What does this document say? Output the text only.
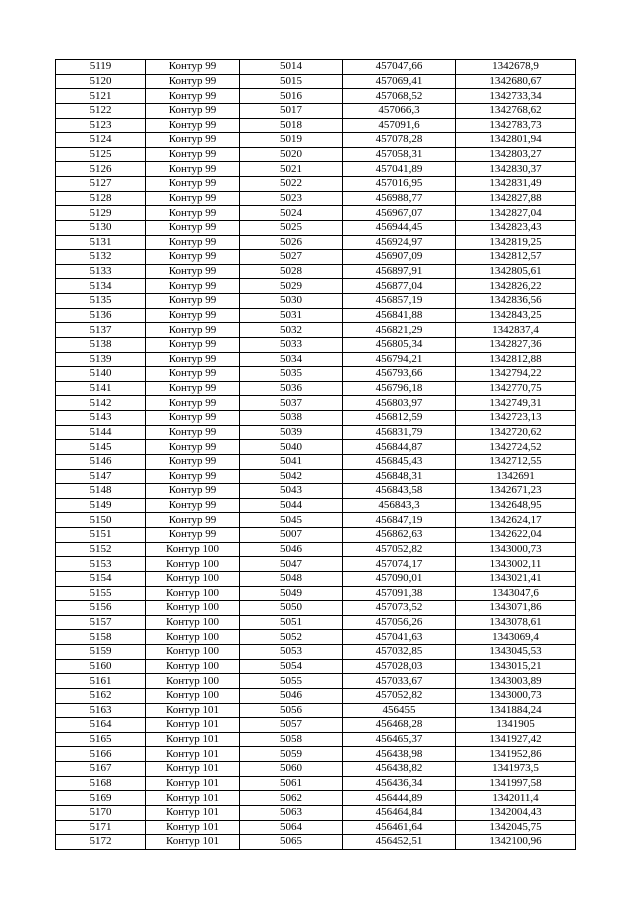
5119	Контур 99	5014	457047,66	1342678,9
5120	Контур 99	5015	457069,41	1342680,67
5121	Контур 99	5016	457068,52	1342733,34
5122	Контур 99	5017	457066,3	1342768,62
5123	Контур 99	5018	457091,6	1342783,73
5124	Контур 99	5019	457078,28	1342801,94
5125	Контур 99	5020	457058,31	1342803,27
5126	Контур 99	5021	457041,89	1342830,37
5127	Контур 99	5022	457016,95	1342831,49
5128	Контур 99	5023	456988,77	1342827,88
5129	Контур 99	5024	456967,07	1342827,04
5130	Контур 99	5025	456944,45	1342823,43
5131	Контур 99	5026	456924,97	1342819,25
5132	Контур 99	5027	456907,09	1342812,57
5133	Контур 99	5028	456897,91	1342805,61
5134	Контур 99	5029	456877,04	1342826,22
5135	Контур 99	5030	456857,19	1342836,56
5136	Контур 99	5031	456841,88	1342843,25
5137	Контур 99	5032	456821,29	1342837,4
5138	Контур 99	5033	456805,34	1342827,36
5139	Контур 99	5034	456794,21	1342812,88
5140	Контур 99	5035	456793,66	1342794,22
5141	Контур 99	5036	456796,18	1342770,75
5142	Контур 99	5037	456803,97	1342749,31
5143	Контур 99	5038	456812,59	1342723,13
5144	Контур 99	5039	456831,79	1342720,62
5145	Контур 99	5040	456844,87	1342724,52
5146	Контур 99	5041	456845,43	1342712,55
5147	Контур 99	5042	456848,31	1342691
5148	Контур 99	5043	456843,58	1342671,23
5149	Контур 99	5044	456843,3	1342648,95
5150	Контур 99	5045	456847,19	1342624,17
5151	Контур 99	5007	456862,63	1342622,04
5152	Контур 100	5046	457052,82	1343000,73
5153	Контур 100	5047	457074,17	1343002,11
5154	Контур 100	5048	457090,01	1343021,41
5155	Контур 100	5049	457091,38	1343047,6
5156	Контур 100	5050	457073,52	1343071,86
5157	Контур 100	5051	457056,26	1343078,61
5158	Контур 100	5052	457041,63	1343069,4
5159	Контур 100	5053	457032,85	1343045,53
5160	Контур 100	5054	457028,03	1343015,21
5161	Контур 100	5055	457033,67	1343003,89
5162	Контур 100	5046	457052,82	1343000,73
5163	Контур 101	5056	456455	1341884,24
5164	Контур 101	5057	456468,28	1341905
5165	Контур 101	5058	456465,37	1341927,42
5166	Контур 101	5059	456438,98	1341952,86
5167	Контур 101	5060	456438,82	1341973,5
5168	Контур 101	5061	456436,34	1341997,58
5169	Контур 101	5062	456444,89	1342011,4
5170	Контур 101	5063	456464,84	1342004,43
5171	Контур 101	5064	456461,64	1342045,75
5172	Контур 101	5065	456452,51	1342100,96
